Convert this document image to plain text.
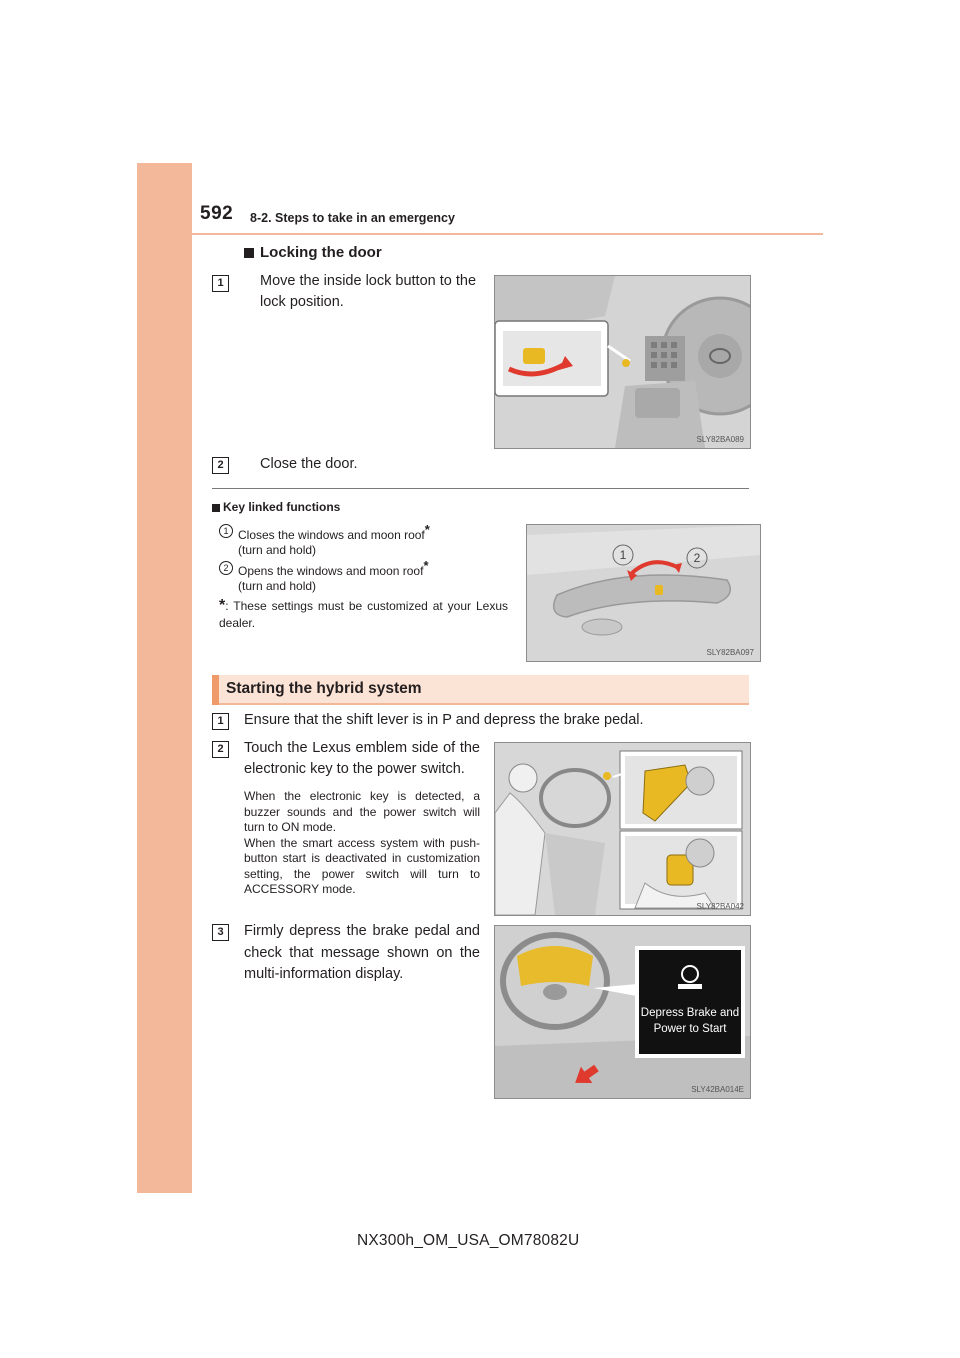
592 8-2. Steps to take in an emergency
Locking the door
1	Move the inside lock button to the lock position.
SLY82BA089
2	Close the door.
Key linked functions
1 Closes the windows and moon roof*
(turn and hold)
2 Opens the windows and moon roof*
(turn and hold)
*: These settings must be customized at your Lexus dealer.
1	2
SLY82BA097
Starting the hybrid system
1	Ensure that the shift lever is in P and depress the brake pedal.
2	Touch the Lexus emblem side of the electronic key to the power switch.
When the electronic key is detected, a buzzer sounds and the power switch will turn to ON mode.
When the smart access system with push-button start is deactivated in customization setting, the power switch will turn to ACCESSORY mode.
SLY82BA042
3	Firmly depress the brake pedal and check that message shown on the multi-information display.
Depress Brake and
Power to Start
SLY42BA014E
NX300h_OM_USA_OM78082U
